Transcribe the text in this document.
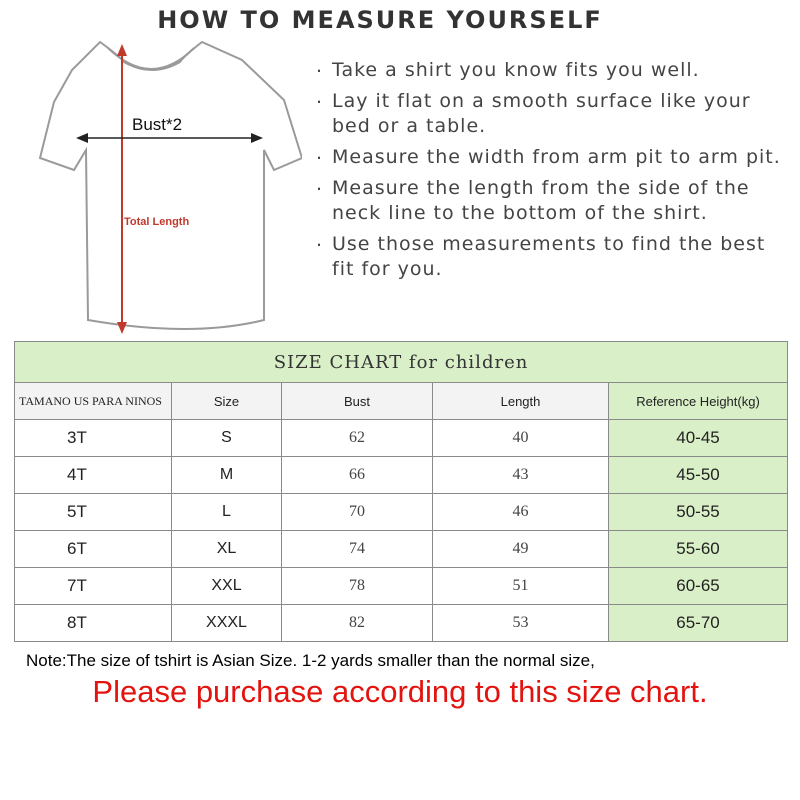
HOW TO MEASURE YOURSELF
Bust*2
Total Length
. Take a shirt you know fits you well.
. Lay it flat on a smooth surface like your bed or a table.
. Measure the width from arm pit to arm pit.
. Measure the length from the side of the neck line to the bottom of the shirt.
. Use those measurements to find the best fit for you.
SIZE CHART for children				
TAMANO US PARA NINOS	Size	Bust	Length	Reference Height(kg)
3T	S	62	40	40-45
4T	M	66	43	45-50
5T	L	70	46	50-55
6T	XL	74	49	55-60
7T	XXL	78	51	60-65
8T	XXXL	82	53	65-70
Note:The size of tshirt is Asian Size. 1-2 yards smaller than the normal size,
Please purchase according to this size chart.
